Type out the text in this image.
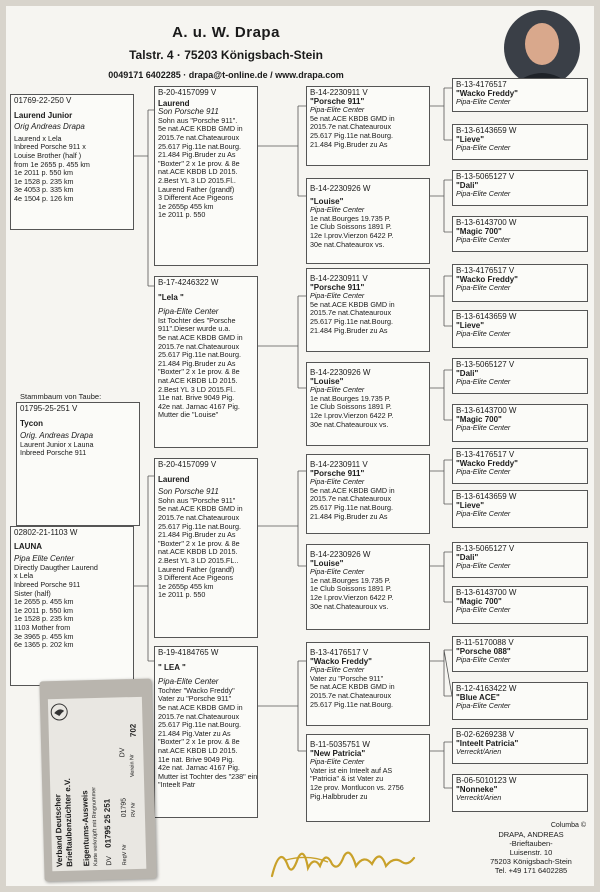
A. u. W. Drapa
Talstr. 4 · 75203 Königsbach-Stein
0049171 6402285 · drapa@t-online.de / www.drapa.com
01769-22-250 V
Laurend Junior
Orig Andreas Drapa
Laurend x Lela
Inbreed Porsche 911 x
Louise Brother (half )
from 1e 2655 p. 455 km
1e 2011 p. 550 km
1e 1528 p. 235 km
3e 4053 p. 335 km
4e 1504 p. 126 km
Stammbaum von Taube:
01795-25-251 V
Tycon
Orig. Andreas Drapa
Laurent Junior x Launa
Inbreed Porsche 911
02802-21-1103 W
LAUNA
Pipa Elite Center
Directly Daugther Laurend
x Lela
Inbreed Porsche 911
Sister (half)
1e 2655 p. 455 km
1e 2011 p. 550 km
1e 1528 p. 235 km
1103 Mother from
3e 3965 p. 455 km
6e 1365 p. 202 km
B-20-4157099 V
Laurend
Son Porsche 911
Sohn aus "Porsche 911".
5e nat.ACE KBDB GMD in
2015.7e nat.Chateauroux
25.617 Pig.11e nat.Bourg.
21.484 Pig.Bruder zu As
"Boxter" 2 x 1e prov. & 8e
nat.ACE KBDB LD 2015.
2.Best YL 3 LD 2015.Fl..
Laurend Father (grandf)
3 Different Ace Pigeons
1e 2655p 455 km
1e 2011 p. 550
B-17-4246322 W
"Lela "
Pipa-Elite Center
Ist Tochter des "Porsche
911".Dieser wurde u.a.
5e nat.ACE KBDB GMD in
2015.7e nat.Chateauroux
25.617 Pig.11e nat.Bourg.
21.484 Pig.Bruder zu As
"Boxter" 2 x 1e prov. & 8e
nat.ACE KBDB LD 2015.
2.Best YL 3 LD 2015.Fl..
11e nat. Brive 9049 Pig.
42e nat. Jarnac 4167 Pig.
Mutter die "Louise"
B-20-4157099 V
Laurend
Son Porsche 911
Sohn aus "Porsche 911"
5e nat.ACE KBDB GMD in
2015.7e nat.Chateauroux
25.617 Pig.11e nat.Bourg.
21.484 Pig.Bruder zu As
"Boxter" 2 x 1e prov. & 8e
nat.ACE KBDB LD 2015.
2.Best YL 3 LD 2015.FL..
Laurend Father (grandf)
3 Different Ace Pigeons
1e 2655p 455 km
1e 2011 p. 550
B-19-4184765 W
" LEA "
Pipa-Elite Center
Tochter "Wacko Freddy"
Vater zu "Porsche 911"
5e nat.ACE KBDB GMD in
2015.7e nat.Chateauroux
25.617 Pig.11e nat.Bourg.
21.484 Pig.Vater zu As
"Boxter" 2 x 1e prov. & 8e
nat.ACE KBDB LD 2015.
11e nat. Brive 9049 Pig.
42e nat. Jarnac 4167 Pig.
Mutter ist Tochter des "238" ein
"Inteelt Patr
B-14-2230911 V
"Porsche 911"
Pipa-Elite Center
5e nat.ACE KBDB GMD in
2015.7e nat.Chateauroux
25.617 Pig.11e nat.Bourg.
21.484 Pig.Bruder zu As
B-14-2230926 W
"Louise"
Pipa-Elite Center
1e nat.Bourges 19.735 P.
1e Club Soissons 1891 P.
12e I.prov.Vierzon 6422 P.
30e nat.Chateaurox vs.
B-14-2230911 V
"Porsche 911"
Pipa-Elite Center
5e nat.ACE KBDB GMD in
2015.7e nat.Chateauroux
25.617 Pig.11e nat.Bourg.
21.484 Pig.Bruder zu As
B-14-2230926 W
"Louise"
Pipa-Elite Center
1e nat.Bourges 19.735 P.
1e Club Soissons 1891 P.
12e I.prov.Vierzon 6422 P.
30e nat.Chateauroux vs.
B-14-2230911 V
"Porsche 911"
Pipa-Elite Center
5e nat.ACE KBDB GMD in
2015.7e nat.Chateauroux
25.617 Pig.11e nat.Bourg.
21.484 Pig.Bruder zu As
B-14-2230926 W
"Louise"
Pipa-Elite Center
1e nat.Bourges 19.735 P.
1e Club Soissons 1891 P.
12e I.prov.Vierzon 6422 P.
30e nat.Chateauroux vs.
B-13-4176517 V
"Wacko Freddy"
Pipa-Elite Center
Vater zu "Porsche 911"
5e nat.ACE KBDB GMD in
2015.7e nat.Chateauroux
25.617 Pig.11e nat.Bourg.
B-11-5035751 W
"New Patricia"
Pipa-Elite Center
Vater ist ein Inteelt auf AS
"Patricia" & ist Vater zu
12e prov. Montlucon vs. 2756
Pig.Halbbruder zu
B-13-4176517
"Wacko Freddy"
Pipa-Elite Center
B-13-6143659 W
"Lieve"
Pipa-Elite Center
B-13-5065127 V
"Dali"
Pipa-Elite Center
B-13-6143700 W
"Magic 700"
Pipa-Elite Center
B-13-4176517 V
"Wacko Freddy"
Pipa-Elite Center
B-13-6143659 W
"Lieve"
Pipa-Elite Center
B-13-5065127 V
"Dali"
Pipa-Elite Center
B-13-6143700 W
"Magic 700"
Pipa-Elite Center
B-13-4176517 V
"Wacko Freddy"
Pipa-Elite Center
B-13-6143659 W
"Lieve"
Pipa-Elite Center
B-13-5065127 V
"Dali"
Pipa-Elite Center
B-13-6143700 W
"Magic 700"
Pipa-Elite Center
B-11-5170088 V
"Porsche 088"
Pipa-Elite Center
B-12-4163422 W
"Blue ACE"
Pipa-Elite Center
B-02-6269238 V
"Inteelt Patricia"
Verreckt/Arien
B-06-5010123 W
"Nonneke"
Verreckt/Arien
Verband Deutscher
Brieftaubenzüchter e.V. Eigentums-Ausweis Karte verknüpft mit Ringnummer DV
01795 25 251
RegV Nr
01795 RV Nr
Verein Nr
702
DV
Columba ©
DRAPA, ANDREAS
-Brieftauben-
Luisenstr. 10
75203 Königsbach-Stein
Tel. +49 171 6402285
